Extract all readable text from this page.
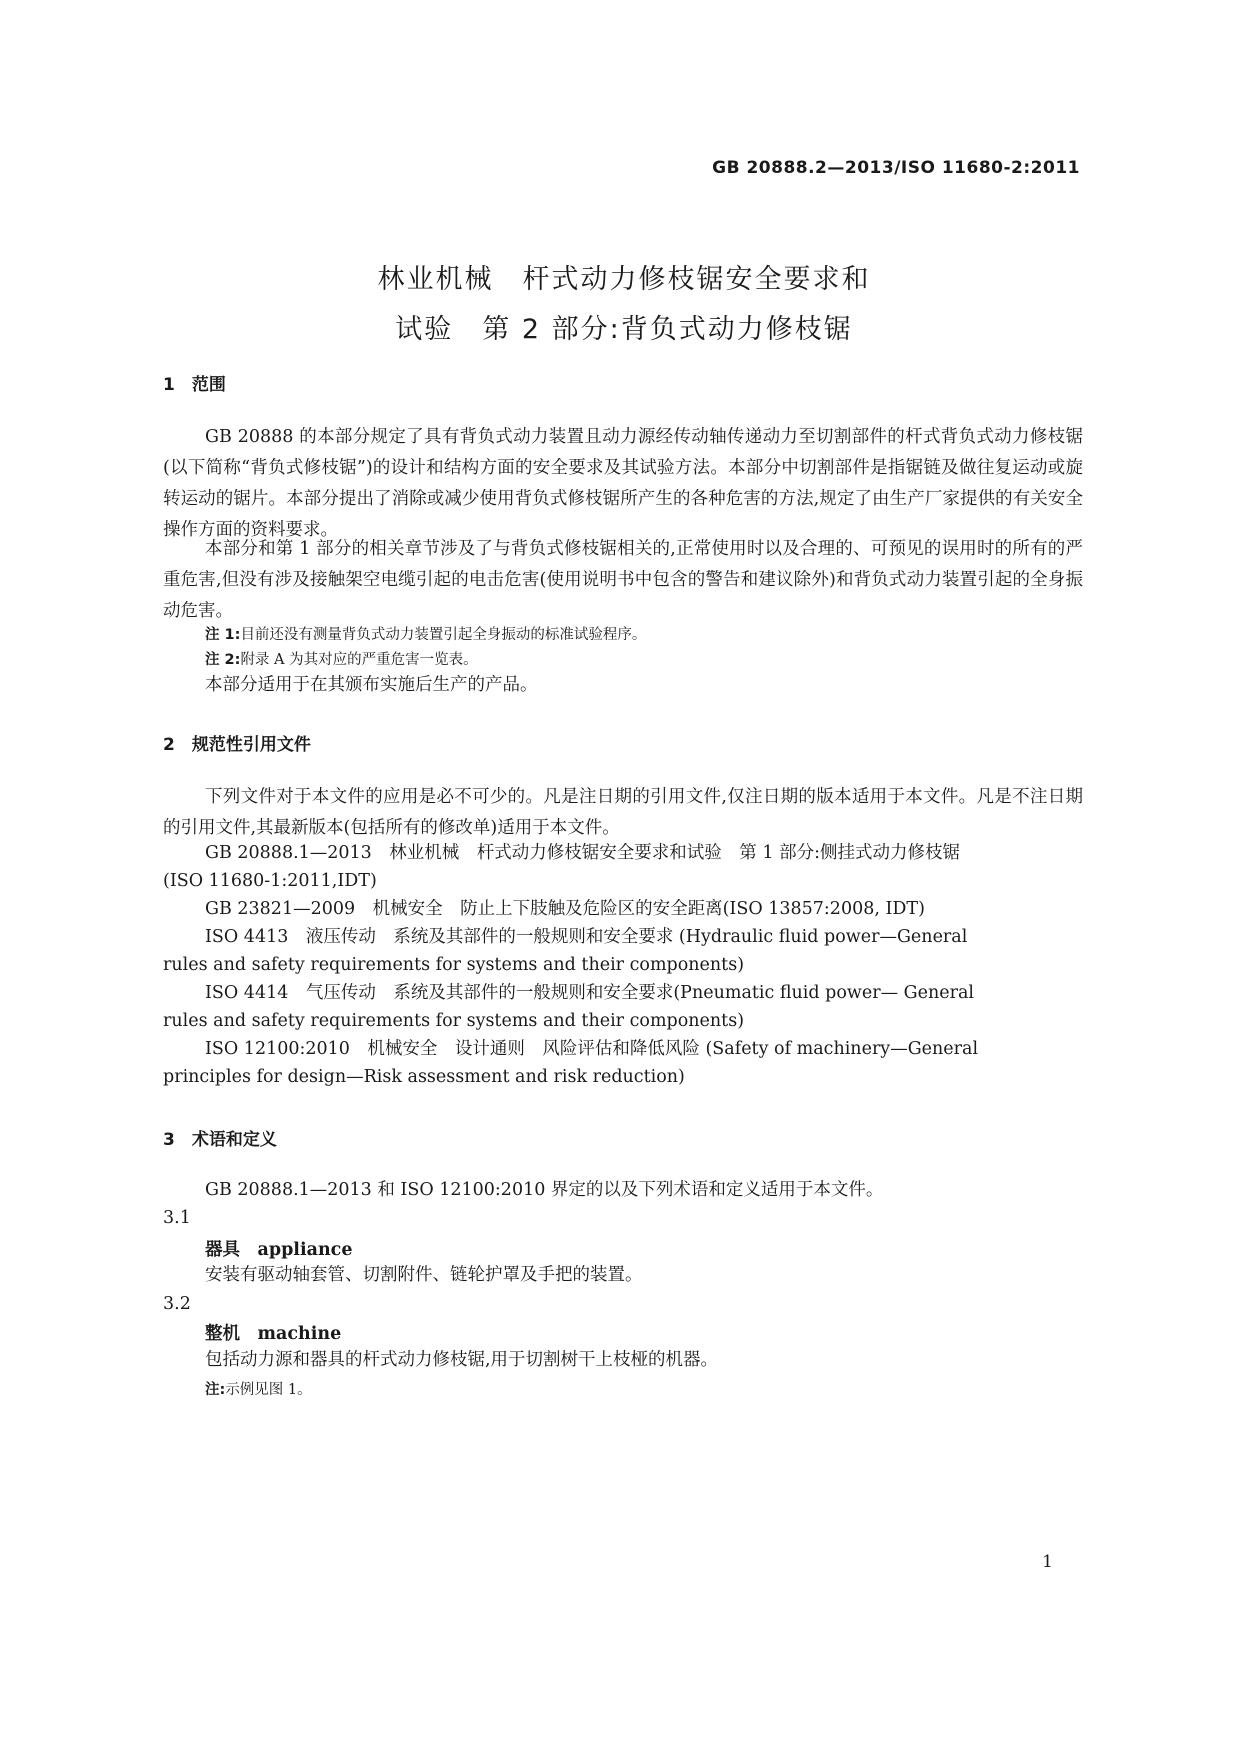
GB 20888.2—2013/ISO 11680-2:2011
林业机械　杆式动力修枝锯安全要求和
试验　第 2 部分:背负式动力修枝锯
1　范围

GB 20888 的本部分规定了具有背负式动力装置且动力源经传动轴传递动力至切割部件的杆式背负式动力修枝锯(以下简称“背负式修枝锯”)的设计和结构方面的安全要求及其试验方法。本部分中切割部件是指锯链及做往复运动或旋转运动的锯片。本部分提出了消除或减少使用背负式修枝锯所产生的各种危害的方法,规定了由生产厂家提供的有关安全操作方面的资料要求。

本部分和第 1 部分的相关章节涉及了与背负式修枝锯相关的,正常使用时以及合理的、可预见的误用时的所有的严重危害,但没有涉及接触架空电缆引起的电击危害(使用说明书中包含的警告和建议除外)和背负式动力装置引起的全身振动危害。

注 1:目前还没有测量背负式动力装置引起全身振动的标准试验程序。
注 2:附录 A 为其对应的严重危害一览表。

本部分适用于在其颁布实施后生产的产品。

2　规范性引用文件

下列文件对于本文件的应用是必不可少的。凡是注日期的引用文件,仅注日期的版本适用于本文件。凡是不注日期的引用文件,其最新版本(包括所有的修改单)适用于本文件。

GB 20888.1—2013　林业机械　杆式动力修枝锯安全要求和试验　第 1 部分:侧挂式动力修枝锯

(ISO 11680-1:2011,IDT)

GB 23821—2009　机械安全　防止上下肢触及危险区的安全距离(ISO 13857:2008, IDT)

ISO 4413　液压传动　系统及其部件的一般规则和安全要求 (Hydraulic fluid power—General

rules and safety requirements for systems and their components)

ISO 4414　气压传动　系统及其部件的一般规则和安全要求(Pneumatic fluid power— General

rules and safety requirements for systems and their components)

ISO 12100:2010　机械安全　设计通则　风险评估和降低风险 (Safety of machinery—General

principles for design—Risk assessment and risk reduction)

3　术语和定义

GB 20888.1—2013 和 ISO 12100:2010 界定的以及下列术语和定义适用于本文件。

3.1
器具　appliance

安装有驱动轴套管、切割附件、链轮护罩及手把的装置。

3.2
整机　machine

包括动力源和器具的杆式动力修枝锯,用于切割树干上枝桠的机器。

注:示例见图 1。
1
